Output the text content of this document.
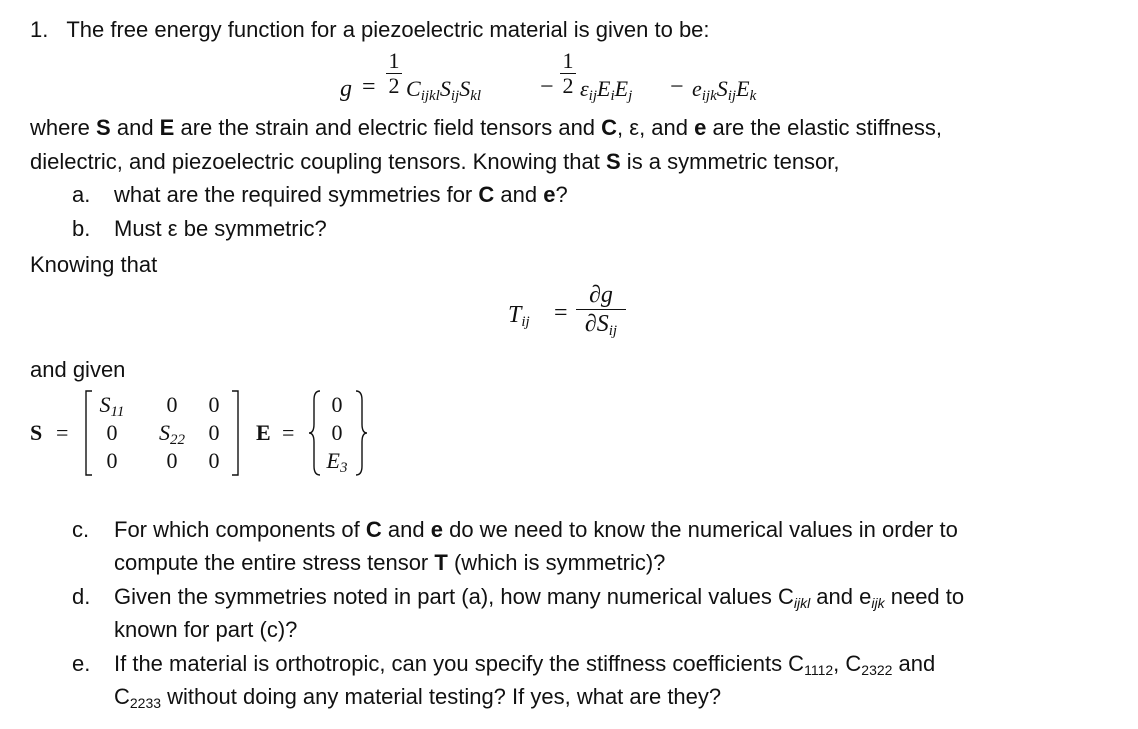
1. The free energy function for a piezoelectric material is given to be:
g =
1
2 $C_{ijkl}S_{ij}S_{kl}$ −
1
2 $\varepsilon_{ij}E_iE_j - e_{ijk}S_{ij}E_k$
where S and E are the strain and electric field tensors and C, ε, and e are the elastic stiffness,
dielectric, and piezoelectric coupling tensors. Knowing that S is a symmetric tensor,
a. what are the required symmetries for C and e?
b. Must ε be symmetric?
Knowing that
$T_{ij}$ =
∂g
$\partial S_{ij}$
and given
S =
$S_{11}$	0	0
0	$S_{22}$	0
0	0	0
E =
0
0
$E_3$
c. For which components of C and e do we need to know the numerical values in order to
compute the entire stress tensor T (which is symmetric)?
d. Given the symmetries noted in part (a), how many numerical values $C_{ijkl}$ and $e_{ijk}$ need to
known for part (c)?
e. If the material is orthotropic, can you specify the stiffness coefficients $C_{1112}$, $C_{2322}$ and
$C_{2233}$ without doing any material testing? If yes, what are they?
